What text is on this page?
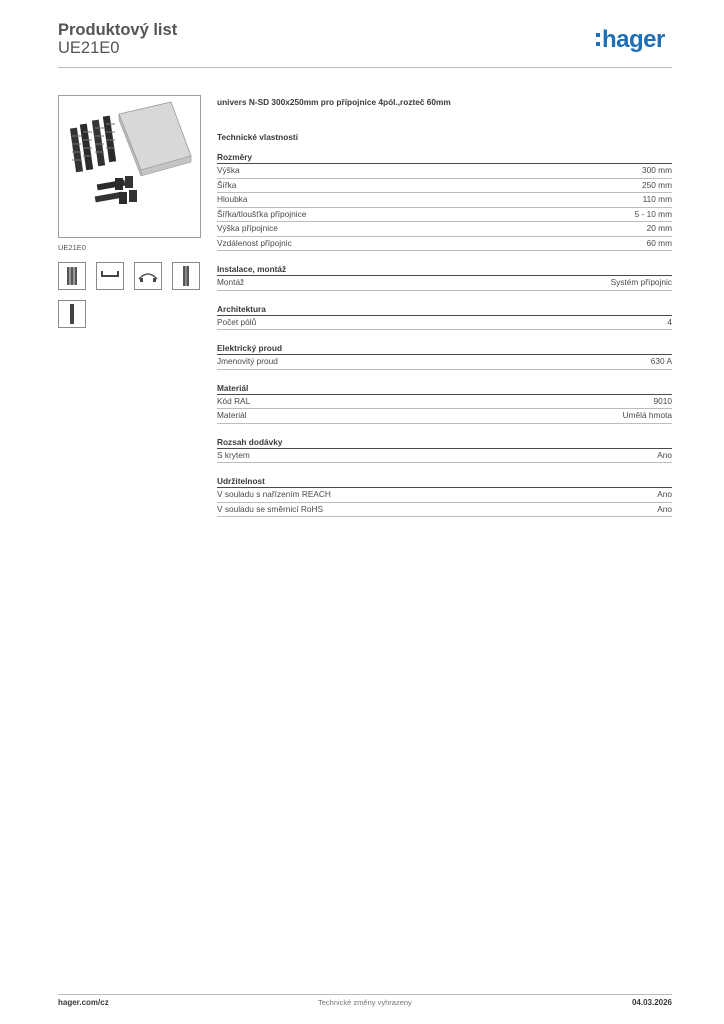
Produktový list
UE21E0	hager
UE21E0
univers N-SD 300x250mm pro přípojnice 4pól.,rozteč 60mm
Technické vlastnosti
Rozměry
Výška	300 mm
Šířka	250 mm
Hloubka	110 mm
Šířka/tloušťka přípojnice	5 - 10 mm
Výška přípojnice	20 mm
Vzdálenost přípojnic	60 mm
Instalace, montáž
Montáž	Systém přípojnic
Architektura
Počet pólů	4
Elektrický proud
Jmenovitý proud	630 A
Materiál
Kód RAL	9010
Materiál	Umělá hmota
Rozsah dodávky
S krytem	Ano
Udržitelnost
V souladu s nařízením REACH	Ano
V souladu se směrnicí RoHS	Ano
hager.com/cz	Technické změny vyhrazeny	04.03.2026
